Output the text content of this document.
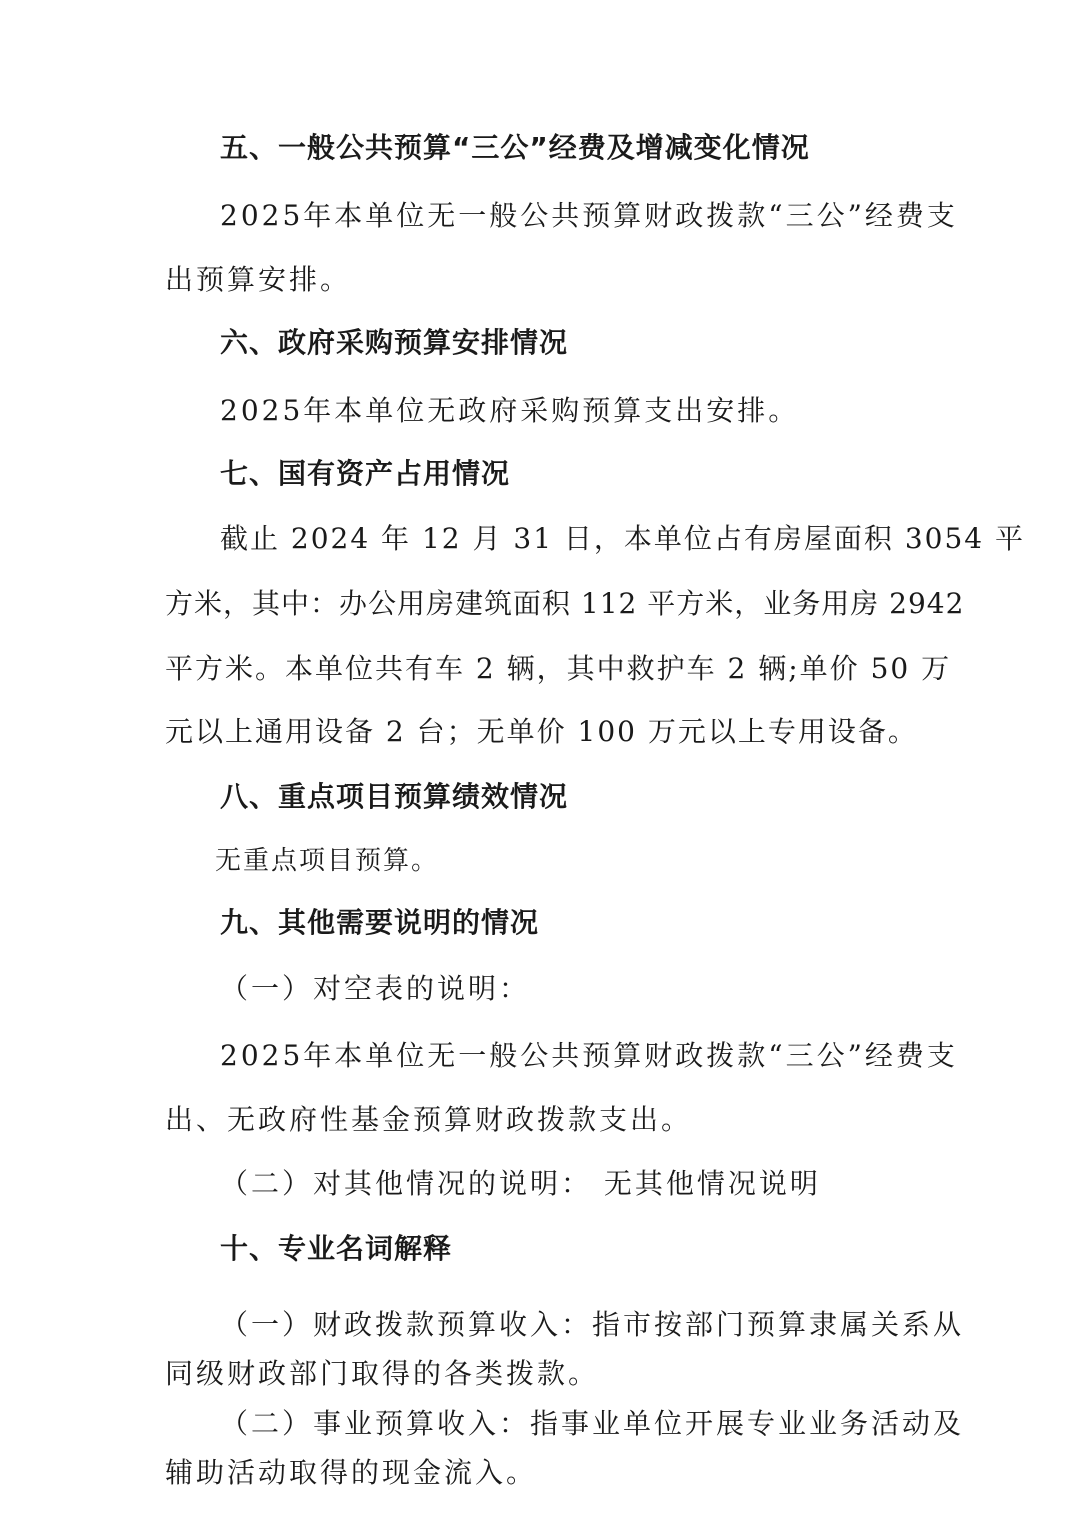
五、一般公共预算“三公”经费及增减变化情况

2025年本单位无一般公共预算财政拨款“三公”经费支

出预算安排。

六、政府采购预算安排情况

2025年本单位无政府采购预算支出安排。

七、国有资产占用情况

截止 2024 年 12 月 31 日，本单位占有房屋面积 3054 平

方米，其中：办公用房建筑面积 112 平方米，业务用房 2942

平方米。本单位共有车 2 辆，其中救护车 2 辆;单价 50 万

元以上通用设备 2 台；无单价 100 万元以上专用设备。

八、重点项目预算绩效情况

无重点项目预算。

九、其他需要说明的情况

（一）对空表的说明：

2025年本单位无一般公共预算财政拨款“三公”经费支

出、无政府性基金预算财政拨款支出。

（二）对其他情况的说明： 无其他情况说明

十、专业名词解释

（一）财政拨款预算收入：指市按部门预算隶属关系从

同级财政部门取得的各类拨款。

（二）事业预算收入：指事业单位开展专业业务活动及

辅助活动取得的现金流入。
